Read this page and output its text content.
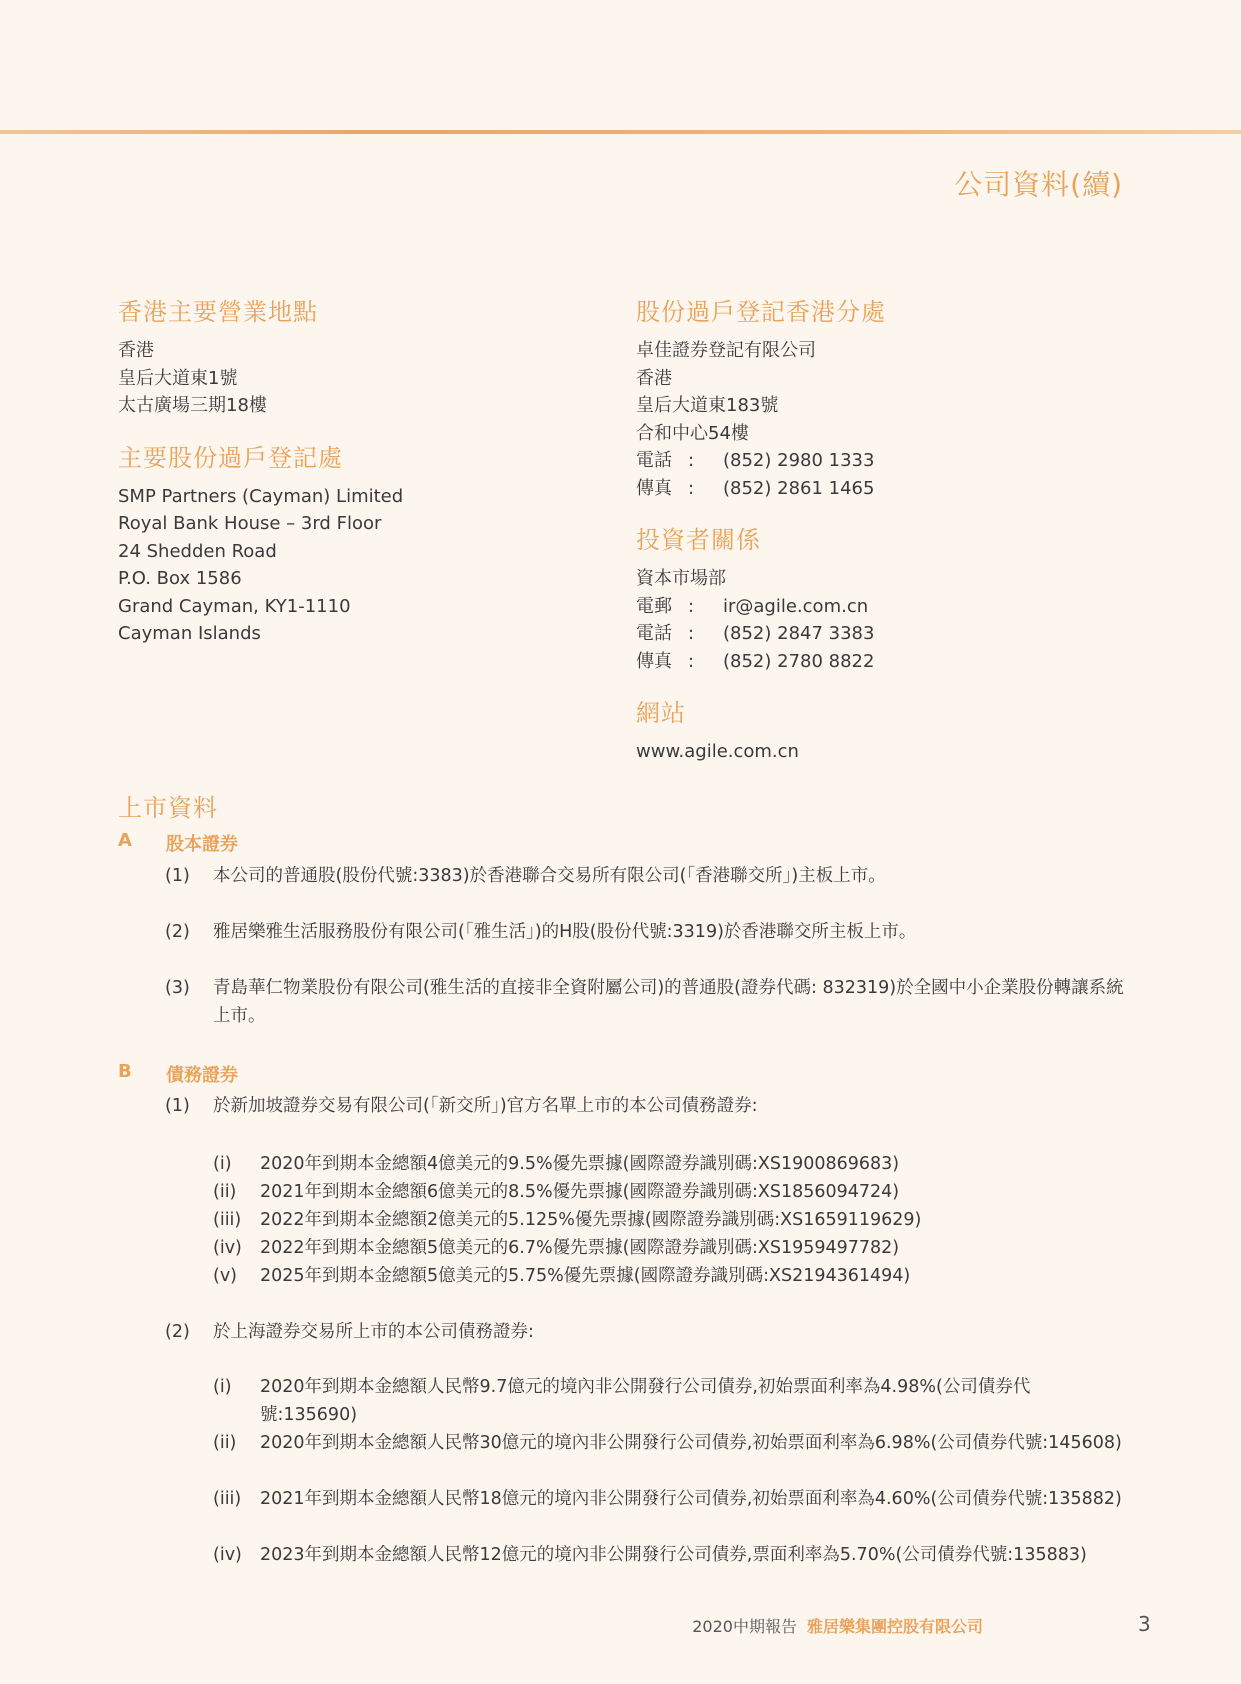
公司資料(續)
香港主要營業地點
香港
皇后大道東1號
太古廣場三期18樓
主要股份過戶登記處
SMP Partners (Cayman) Limited
Royal Bank House – 3rd Floor
24 Shedden Road
P.O. Box 1586
Grand Cayman, KY1-1110
Cayman Islands
股份過戶登記香港分處
卓佳證券登記有限公司
香港
皇后大道東183號
合和中心54樓
電話 :	(852) 2980 1333
傳真 :	(852) 2861 1465
投資者關係
資本市場部
電郵 :	ir@agile.com.cn
電話 :	(852) 2847 3383
傳真 :	(852) 2780 8822
網站
www.agile.com.cn
上市資料
A	股本證券
(1)	本公司的普通股(股份代號:3383)於香港聯合交易所有限公司(「香港聯交所」)主板上市。
(2)	雅居樂雅生活服務股份有限公司(「雅生活」)的H股(股份代號:3319)於香港聯交所主板上市。
(3)	青島華仁物業股份有限公司(雅生活的直接非全資附屬公司)的普通股(證券代碼: 832319)於全國中小企業股份轉讓系統上市。
B	債務證券
(1)	於新加坡證券交易有限公司(「新交所」)官方名單上市的本公司債務證券:
(i)	2020年到期本金總額4億美元的9.5%優先票據(國際證券識別碼:XS1900869683)
(ii)	2021年到期本金總額6億美元的8.5%優先票據(國際證券識別碼:XS1856094724)
(iii)	2022年到期本金總額2億美元的5.125%優先票據(國際證券識別碼:XS1659119629)
(iv)	2022年到期本金總額5億美元的6.7%優先票據(國際證券識別碼:XS1959497782)
(v)	2025年到期本金總額5億美元的5.75%優先票據(國際證券識別碼:XS2194361494)
(2)	於上海證券交易所上市的本公司債務證券:
(i)	2020年到期本金總額人民幣9.7億元的境內非公開發行公司債券,初始票面利率為4.98%(公司債券代號:135690)
(ii)	2020年到期本金總額人民幣30億元的境內非公開發行公司債券,初始票面利率為6.98%(公司債券代號:145608)
(iii)	2021年到期本金總額人民幣18億元的境內非公開發行公司債券,初始票面利率為4.60%(公司債券代號:135882)
(iv)	2023年到期本金總額人民幣12億元的境內非公開發行公司債券,票面利率為5.70%(公司債券代號:135883)
2020中期報告 雅居樂集團控股有限公司	3
